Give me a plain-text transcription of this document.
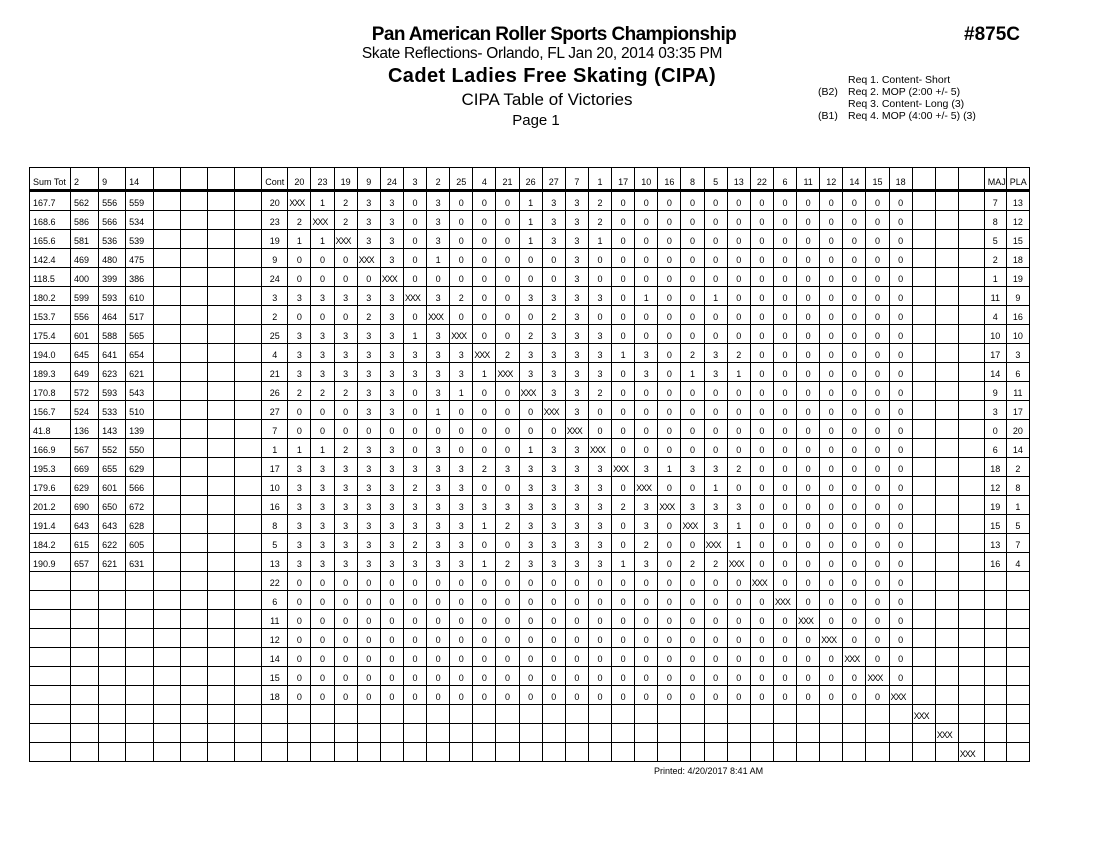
Pan American Roller Sports Championship
Skate Reflections- Orlando, FL Jan 20, 2014 03:35 PM
Cadet Ladies Free Skating (CIPA)
CIPA Table of Victories
Page 1
#875C
Req 1. Content- Short
(B2) Req 2. MOP (2:00 +/- 5)
Req 3. Content- Long (3)
(B1) Req 4. MOP (4:00 +/- 5) (3)
Sum Tot	2	9	14					Cont	20	23	19	9	24	3	2	25	4	21	26	27	7	1	17	10	16	8	5	13	22	6	11	12	14	15	18				MAJ	PLA
167.7	562	556	559					20	XXX	1	2	3	3	0	3	0	0	0	1	3	3	2	0	0	0	0	0	0	0	0	0	0	0	0	0				7	13
168.6	586	566	534					23	2	XXX	2	3	3	0	3	0	0	0	1	3	3	2	0	0	0	0	0	0	0	0	0	0	0	0	0				8	12
165.6	581	536	539					19	1	1	XXX	3	3	0	3	0	0	0	1	3	3	1	0	0	0	0	0	0	0	0	0	0	0	0	0				5	15
142.4	469	480	475					9	0	0	0	XXX	3	0	1	0	0	0	0	0	3	0	0	0	0	0	0	0	0	0	0	0	0	0	0				2	18
118.5	400	399	386					24	0	0	0	0	XXX	0	0	0	0	0	0	0	3	0	0	0	0	0	0	0	0	0	0	0	0	0	0				1	19
180.2	599	593	610					3	3	3	3	3	3	XXX	3	2	0	0	3	3	3	3	0	1	0	0	1	0	0	0	0	0	0	0	0				11	9
153.7	556	464	517					2	0	0	0	2	3	0	XXX	0	0	0	0	2	3	0	0	0	0	0	0	0	0	0	0	0	0	0	0				4	16
175.4	601	588	565					25	3	3	3	3	3	1	3	XXX	0	0	2	3	3	3	0	0	0	0	0	0	0	0	0	0	0	0	0				10	10
194.0	645	641	654					4	3	3	3	3	3	3	3	3	XXX	2	3	3	3	3	1	3	0	2	3	2	0	0	0	0	0	0	0				17	3
189.3	649	623	621					21	3	3	3	3	3	3	3	3	1	XXX	3	3	3	3	0	3	0	1	3	1	0	0	0	0	0	0	0				14	6
170.8	572	593	543					26	2	2	2	3	3	0	3	1	0	0	XXX	3	3	2	0	0	0	0	0	0	0	0	0	0	0	0	0				9	11
156.7	524	533	510					27	0	0	0	3	3	0	1	0	0	0	0	XXX	3	0	0	0	0	0	0	0	0	0	0	0	0	0	0				3	17
41.8	136	143	139					7	0	0	0	0	0	0	0	0	0	0	0	0	XXX	0	0	0	0	0	0	0	0	0	0	0	0	0	0				0	20
166.9	567	552	550					1	1	1	2	3	3	0	3	0	0	0	1	3	3	XXX	0	0	0	0	0	0	0	0	0	0	0	0	0				6	14
195.3	669	655	629					17	3	3	3	3	3	3	3	3	2	3	3	3	3	3	XXX	3	1	3	3	2	0	0	0	0	0	0	0				18	2
179.6	629	601	566					10	3	3	3	3	3	2	3	3	0	0	3	3	3	3	0	XXX	0	0	1	0	0	0	0	0	0	0	0				12	8
201.2	690	650	672					16	3	3	3	3	3	3	3	3	3	3	3	3	3	3	2	3	XXX	3	3	3	0	0	0	0	0	0	0				19	1
191.4	643	643	628					8	3	3	3	3	3	3	3	3	1	2	3	3	3	3	0	3	0	XXX	3	1	0	0	0	0	0	0	0				15	5
184.2	615	622	605					5	3	3	3	3	3	2	3	3	0	0	3	3	3	3	0	2	0	0	XXX	1	0	0	0	0	0	0	0				13	7
190.9	657	621	631					13	3	3	3	3	3	3	3	3	1	2	3	3	3	3	1	3	0	2	2	XXX	0	0	0	0	0	0	0				16	4
								22	0	0	0	0	0	0	0	0	0	0	0	0	0	0	0	0	0	0	0	0	XXX	0	0	0	0	0	0					
								6	0	0	0	0	0	0	0	0	0	0	0	0	0	0	0	0	0	0	0	0	0	XXX	0	0	0	0	0					
								11	0	0	0	0	0	0	0	0	0	0	0	0	0	0	0	0	0	0	0	0	0	0	XXX	0	0	0	0					
								12	0	0	0	0	0	0	0	0	0	0	0	0	0	0	0	0	0	0	0	0	0	0	0	XXX	0	0	0					
								14	0	0	0	0	0	0	0	0	0	0	0	0	0	0	0	0	0	0	0	0	0	0	0	0	XXX	0	0					
								15	0	0	0	0	0	0	0	0	0	0	0	0	0	0	0	0	0	0	0	0	0	0	0	0	0	XXX	0					
								18	0	0	0	0	0	0	0	0	0	0	0	0	0	0	0	0	0	0	0	0	0	0	0	0	0	0	XXX					
																																				XXX				
																																					XXX			
																																						XXX		
Printed: 4/20/2017 8:41 AM
